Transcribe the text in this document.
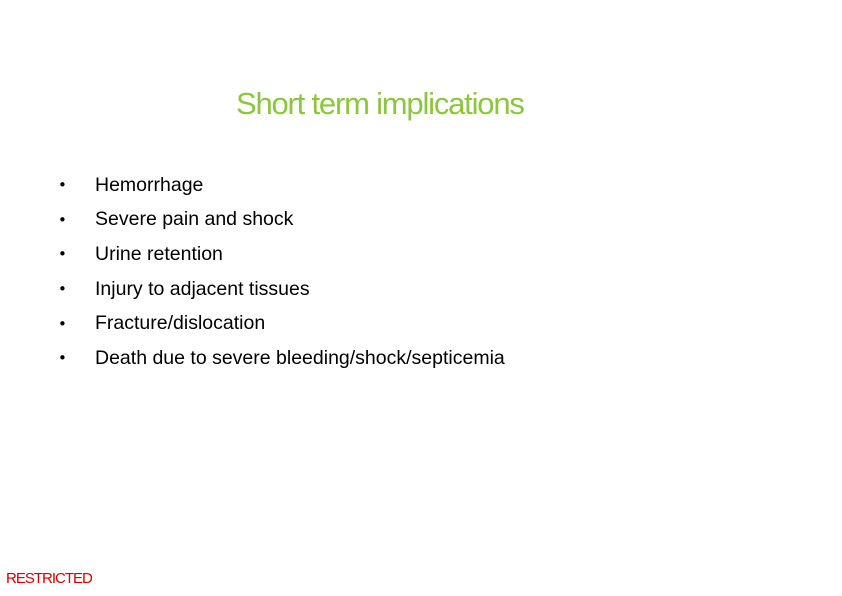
Short term implications
•	Hemorrhage
•	Severe pain and shock
•	Urine retention
•	Injury to adjacent tissues
•	Fracture/dislocation
•	Death due to severe bleeding/shock/septicemia
RESTRICTED
